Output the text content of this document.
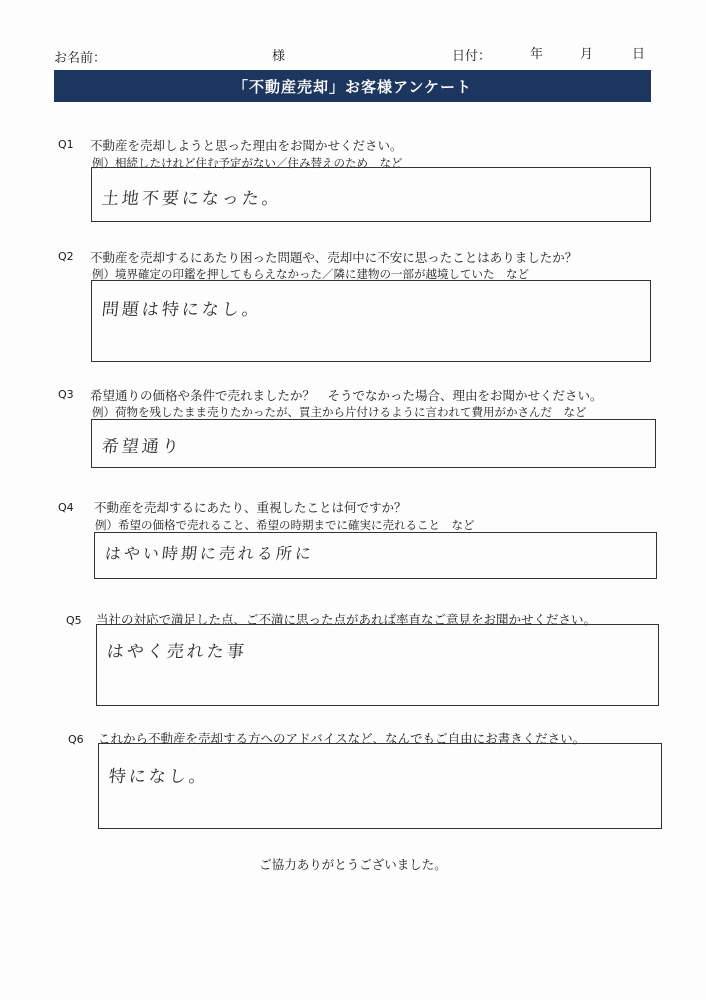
お名前：	様	日付：	年	月	日
「不動産売却」お客様アンケート
Q1 不動産を売却しようと思った理由をお聞かせください。
例）相続したけれど住む予定がない／住み替えのため　など
土地不要になった。
Q2 不動産を売却するにあたり困った問題や、売却中に不安に思ったことはありましたか？
例）境界確定の印鑑を押してもらえなかった／隣に建物の一部が越境していた　など
問題は特になし。
Q3 希望通りの価格や条件で売れましたか？　そうでなかった場合、理由をお聞かせください。
例）荷物を残したまま売りたかったが、買主から片付けるように言われて費用がかさんだ　など
希望通り
Q4 不動産を売却するにあたり、重視したことは何ですか？
例）希望の価格で売れること、希望の時期までに確実に売れること　など
はやい時期に売れる所に
Q5 当社の対応で満足した点、ご不満に思った点があれば率直なご意見をお聞かせください。
はやく売れた事
Q6 これから不動産を売却する方へのアドバイスなど、なんでもご自由にお書きください。
特になし。
ご協力ありがとうございました。
